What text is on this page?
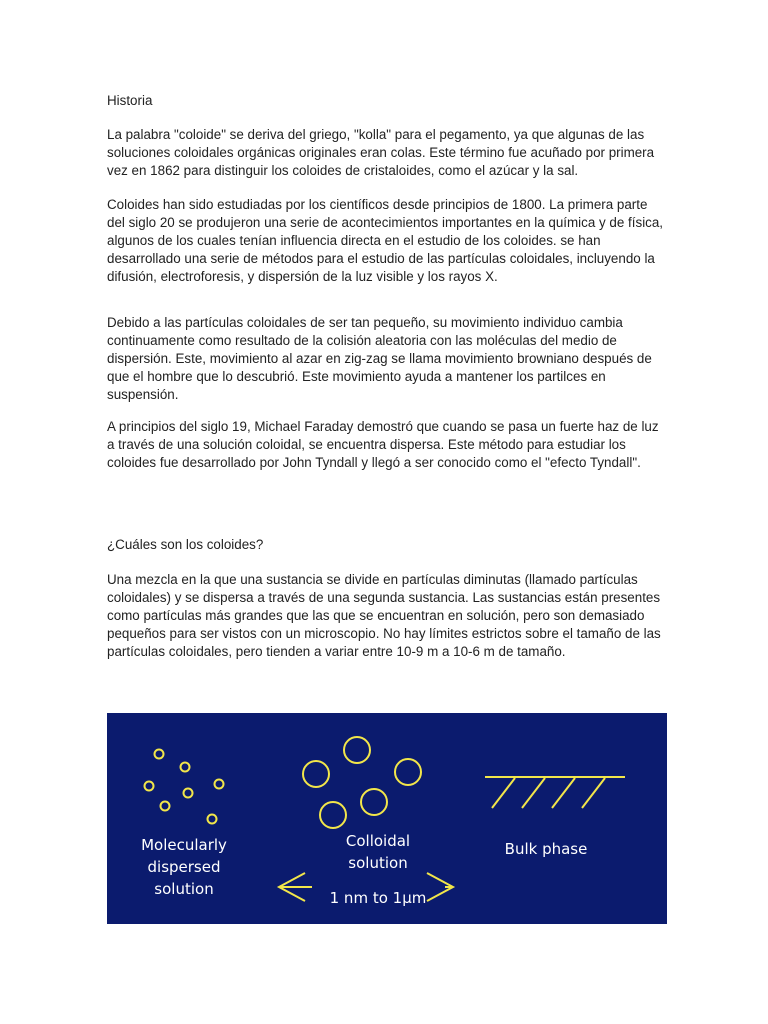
Historia

La palabra "coloide" se deriva del griego, "kolla" para el pegamento, ya que algunas de las soluciones coloidales orgánicas originales eran colas. Este término fue acuñado por primera vez en 1862 para distinguir los coloides de cristaloides, como el azúcar y la sal.

Coloides han sido estudiadas por los científicos desde principios de 1800. La primera parte del siglo 20 se produjeron una serie de acontecimientos importantes en la química y de física, algunos de los cuales tenían influencia directa en el estudio de los coloides. se han desarrollado una serie de métodos para el estudio de las partículas coloidales, incluyendo la difusión, electroforesis, y dispersión de la luz visible y los rayos X.

Debido a las partículas coloidales de ser tan pequeño, su movimiento individuo cambia continuamente como resultado de la colisión aleatoria con las moléculas del medio de dispersión. Este, movimiento al azar en zig-zag se llama movimiento browniano después de que el hombre que lo descubrió. Este movimiento ayuda a mantener los partilces en suspensión.

A principios del siglo 19, Michael Faraday demostró que cuando se pasa un fuerte haz de luz a través de una solución coloidal, se encuentra dispersa. Este método para estudiar los coloides fue desarrollado por John Tyndall y llegó a ser conocido como el "efecto Tyndall".

¿Cuáles son los coloides?

Una mezcla en la que una sustancia se divide en partículas diminutas (llamado partículas coloidales) y se dispersa a través de una segunda sustancia. Las sustancias están presentes como partículas más grandes que las que se encuentran en solución, pero son demasiado pequeños para ser vistos con un microscopio. No hay límites estrictos sobre el tamaño de las partículas coloidales, pero tienden a variar entre 10-9 m a 10-6 m de tamaño.

Molecularly
dispersed
solution
Colloidal
solution
Bulk phase
1 nm to 1μm
